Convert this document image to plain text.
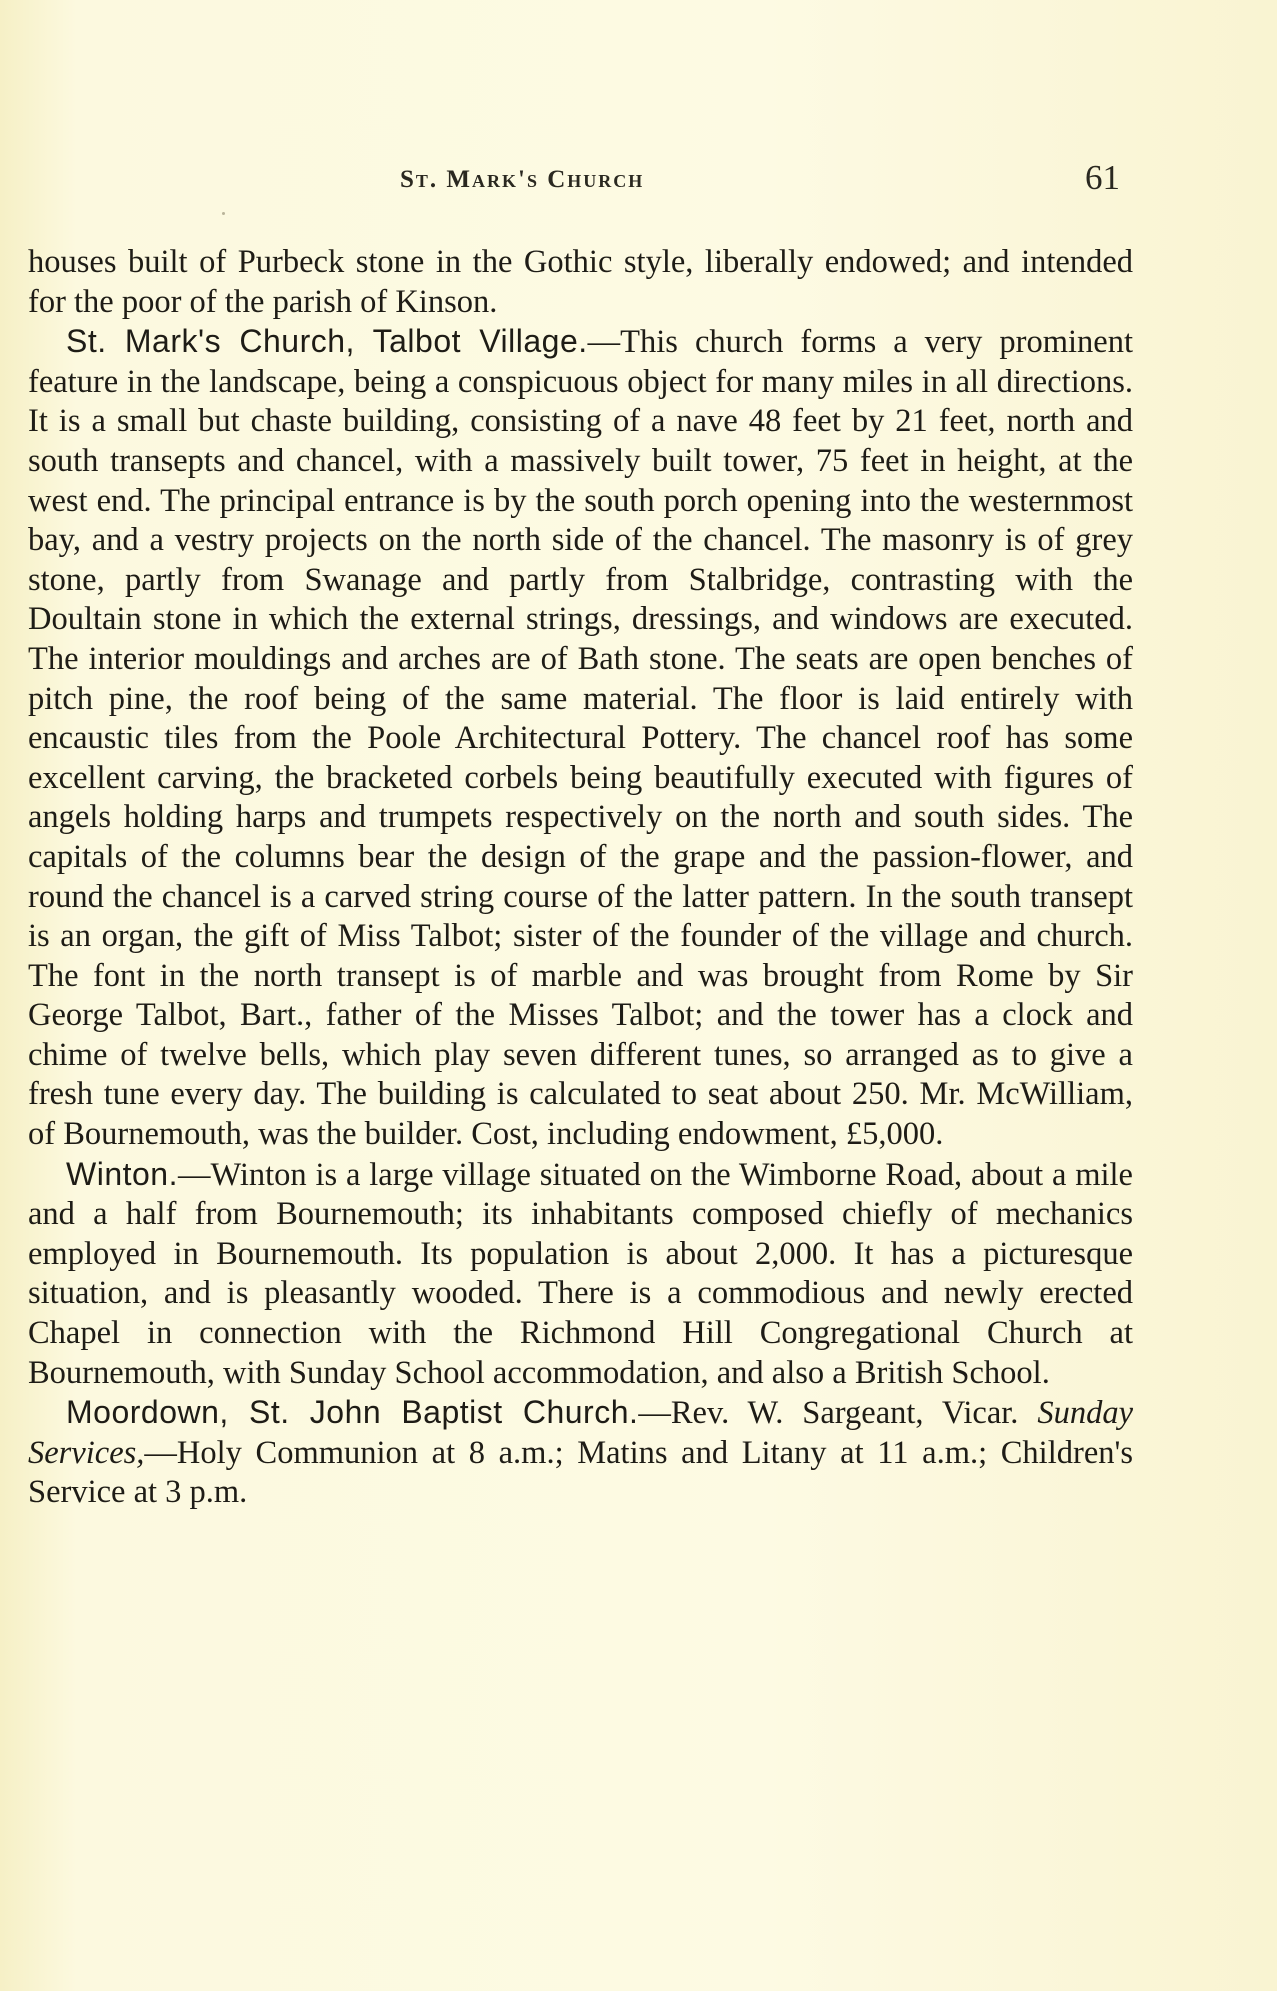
St. Mark's Church	61

houses built of Purbeck stone in the Gothic style, liberally endowed; and intended for the poor of the parish of Kinson.

St. Mark's Church, Talbot Village.—This church forms a very prominent feature in the landscape, being a conspicuous object for many miles in all directions. It is a small but chaste building, consisting of a nave 48 feet by 21 feet, north and south transepts and chancel, with a massively built tower, 75 feet in height, at the west end. The principal entrance is by the south porch opening into the westernmost bay, and a vestry projects on the north side of the chancel. The masonry is of grey stone, partly from Swanage and partly from Stalbridge, contrasting with the Doultain stone in which the external strings, dressings, and windows are executed. The interior mouldings and arches are of Bath stone. The seats are open benches of pitch pine, the roof being of the same material. The floor is laid entirely with encaustic tiles from the Poole Architectural Pottery. The chancel roof has some excellent carving, the bracketed corbels being beautifully executed with figures of angels holding harps and trumpets respectively on the north and south sides. The capitals of the columns bear the design of the grape and the passion-flower, and round the chancel is a carved string course of the latter pattern. In the south transept is an organ, the gift of Miss Talbot; sister of the founder of the village and church. The font in the north transept is of marble and was brought from Rome by Sir George Talbot, Bart., father of the Misses Talbot; and the tower has a clock and chime of twelve bells, which play seven different tunes, so arranged as to give a fresh tune every day. The building is calculated to seat about 250. Mr. McWilliam, of Bournemouth, was the builder. Cost, including endowment, £5,000.

Winton.—Winton is a large village situated on the Wimborne Road, about a mile and a half from Bournemouth; its inhabitants composed chiefly of mechanics employed in Bournemouth. Its population is about 2,000. It has a picturesque situation, and is pleasantly wooded. There is a commodious and newly erected Chapel in connection with the Richmond Hill Congregational Church at Bournemouth, with Sunday School accommodation, and also a British School.

Moordown, St. John Baptist Church.—Rev. W. Sargeant, Vicar. Sunday Services,—Holy Communion at 8 a.m.; Matins and Litany at 11 a.m.; Children's Service at 3 p.m.
